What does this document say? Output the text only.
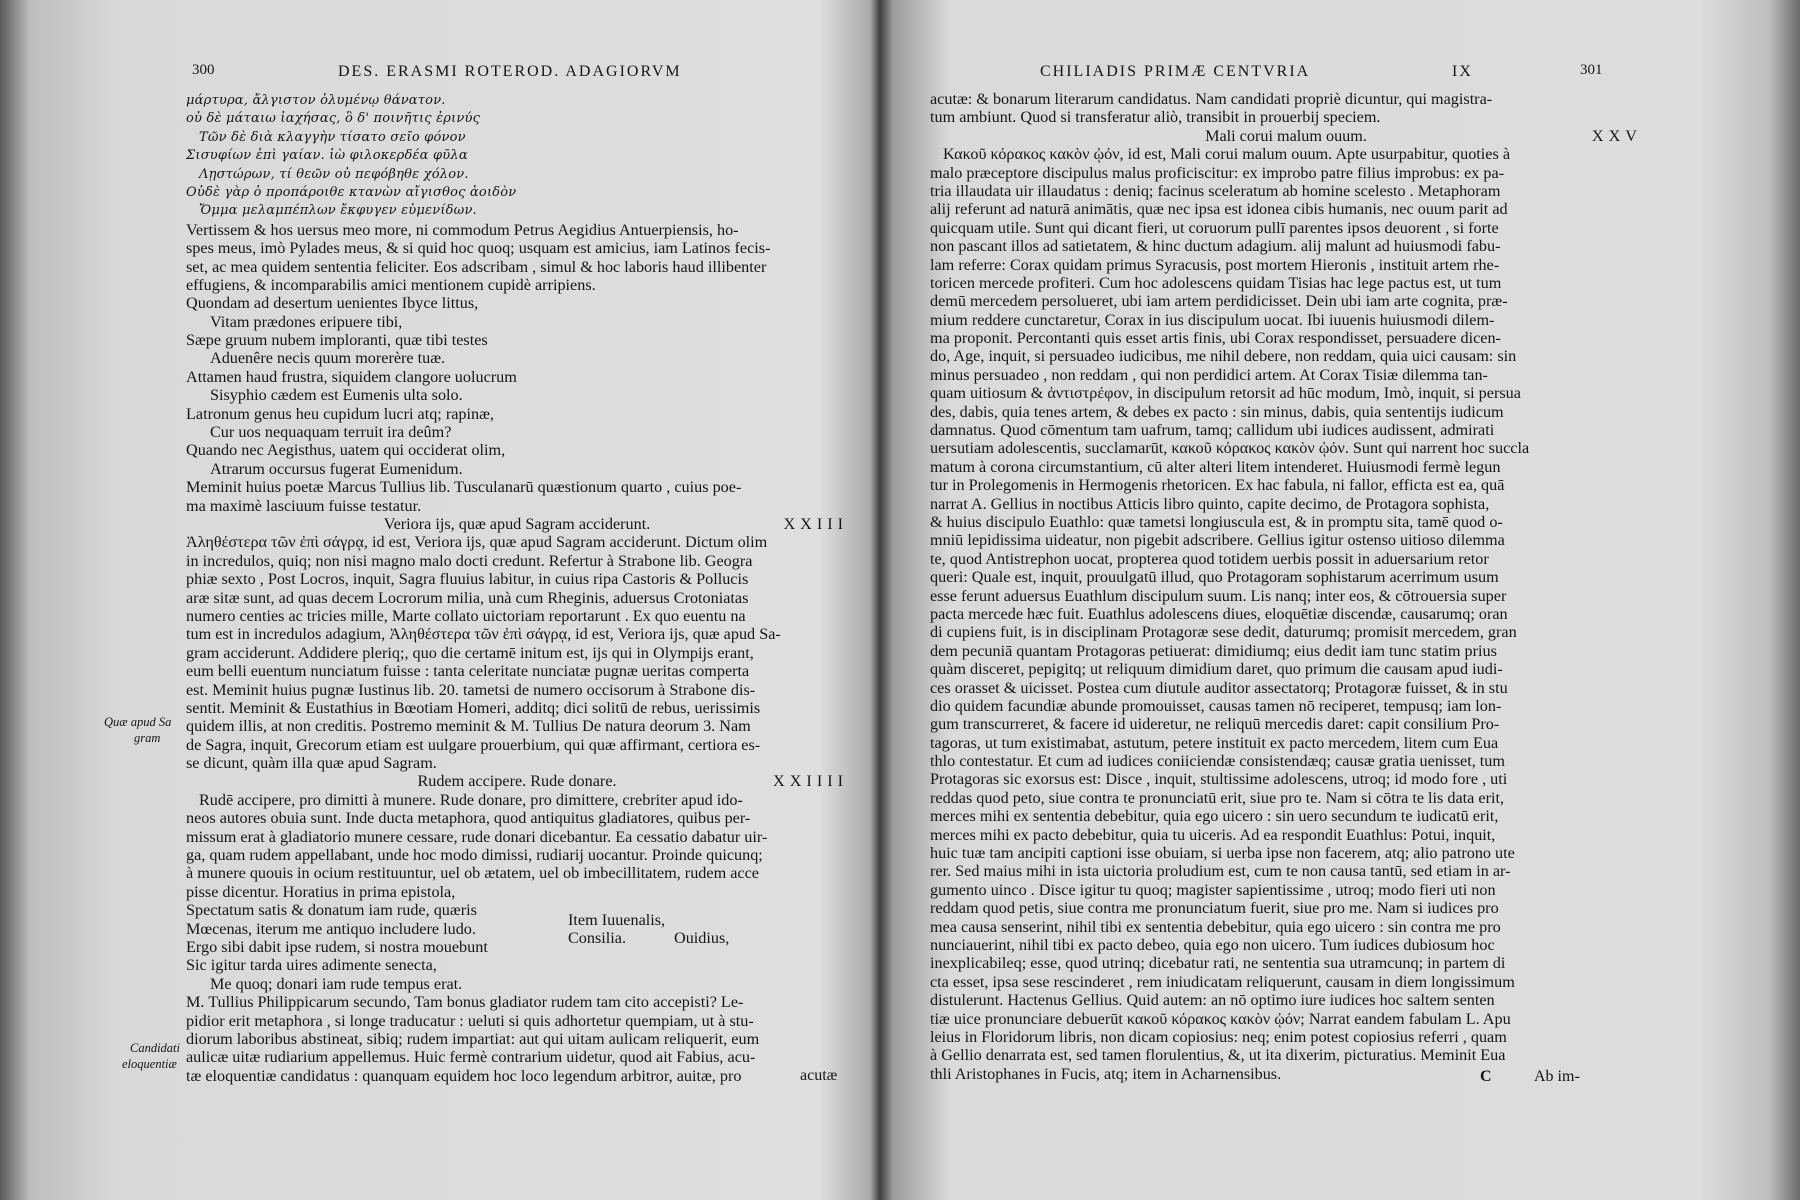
300	DES. ERASMI ROTEROD. ADAGIORVM
μάρτυρα, ἄλγιστον ὀλυμένῳ θάνατον.
οὐ δὲ μάταιω ἰαχήσας, ὃ δ' ποινῆτις ἐρινύς
Τῶν δὲ διὰ κλαγγὴν τίσατο σεῖο φόνον
Σισυφίων ἐπὶ γαίαν. ἰὼ φιλοκερδέα φῦλα
Λῃστώρων, τί θεῶν οὐ πεφόβηθε χόλον.
Οὐδὲ γὰρ ὁ προπάροιθε κτανὼν αἴγισθος ἀοιδὸν
Ὄμμα μελαμπέπλων ἔκφυγεν εὐμενίδων.
Vertissem & hos uersus meo more, ni commodum Petrus Aegidius Antuerpiensis, ho-
spes meus, imò Pylades meus, & si quid hoc quoq; usquam est amicius, iam Latinos fecis-
set, ac mea quidem sententia feliciter. Eos adscribam , simul & hoc laboris haud illibenter
effugiens, & incomparabilis amici mentionem cupidè arripiens.
Quondam ad desertum uenientes Ibyce littus,
Vitam prædones eripuere tibi,
Sæpe gruum nubem imploranti, quæ tibi testes
Aduenêre necis quum morerère tuæ.
Attamen haud frustra, siquidem clangore uolucrum
Sisyphio cædem est Eumenis ulta solo.
Latronum genus heu cupidum lucri atq; rapinæ,
Cur uos nequaquam terruit ira deûm?
Quando nec Aegisthus, uatem qui occiderat olim,
Atrarum occursus fugerat Eumenidum.
Meminit huius poetæ Marcus Tullius lib. Tusculanarū quæstionum quarto , cuius poe-
ma maximè lasciuum fuisse testatur.
Veriora ijs, quæ apud Sagram acciderunt.	XXIII
Ἀληθέστερα τῶν ἐπὶ σάγρᾳ, id est, Veriora ijs, quæ apud Sagram acciderunt. Dictum olim
in incredulos, quiq; non nisi magno malo docti credunt. Refertur à Strabone lib. Geogra
phiæ sexto , Post Locros, inquit, Sagra fluuius labitur, in cuius ripa Castoris & Pollucis
aræ sitæ sunt, ad quas decem Locrorum milia, unà cum Rheginis, aduersus Crotoniatas
numero centies ac tricies mille, Marte collato uictoriam reportarunt . Ex quo euentu na
tum est in incredulos adagium, Ἀληθέστερα τῶν ἐπὶ σάγρᾳ, id est, Veriora ijs, quæ apud Sa-
gram acciderunt. Addidere pleriq;, quo die certamē initum est, ijs qui in Olympijs erant,
eum belli euentum nunciatum fuisse : tanta celeritate nunciatæ pugnæ ueritas comperta
est. Meminit huius pugnæ Iustinus lib. 20. tametsi de numero occisorum à Strabone dis-
sentit. Meminit & Eustathius in Bœotiam Homeri, additq; dici solitū de rebus, uerissimis
quidem illis, at non creditis. Postremo meminit & M. Tullius De natura deorum 3. Nam
de Sagra, inquit, Grecorum etiam est uulgare prouerbium, qui quæ affirmant, certiora es-
se dicunt, quàm illa quæ apud Sagram.
Rudem accipere. Rude donare.	XXIIII
Rudē accipere, pro dimitti à munere. Rude donare, pro dimittere, crebriter apud ido-
neos autores obuia sunt. Inde ducta metaphora, quod antiquitus gladiatores, quibus per-
missum erat à gladiatorio munere cessare, rude donari dicebantur. Ea cessatio dabatur uir-
ga, quam rudem appellabant, unde hoc modo dimissi, rudiarij uocantur. Proinde quicunq;
à munere quouis in ocium restituuntur, uel ob ætatem, uel ob imbecillitatem, rudem acce
pisse dicentur. Horatius in prima epistola,
Spectatum satis & donatum iam rude, quæris
Mœcenas, iterum me antiquo includere ludo.	Item Iuuenalis,
Ergo sibi dabit ipse rudem, si nostra mouebunt	Consilia.	Ouidius,
Sic igitur tarda uires adimente senecta,
Me quoq; donari iam rude tempus erat.
M. Tullius Philippicarum secundo, Tam bonus gladiator rudem tam cito accepisti? Le-
pidior erit metaphora , si longe traducatur : ueluti si quis adhortetur quempiam, ut à stu-
diorum laboribus abstineat, sibiq; rudem impartiat: aut qui uitam aulicam reliquerit, eum
aulicæ uitæ rudiarium appellemus. Huic fermè contrarium uidetur, quod ait Fabius, acu-
tæ eloquentiæ candidatus : quanquam equidem hoc loco legendum arbitror, auitæ, pro
Quæ apud Sa
gram
Candidati
eloquentiæ
acutæ
CHILIADIS PRIMÆ CENTVRIA	IX	301
acutæ: & bonarum literarum candidatus. Nam candidati propriè dicuntur, qui magistra-
tum ambiunt. Quod si transferatur aliò, transibit in prouerbij speciem.
Mali corui malum ouum.	XXV
Κακοῦ κόρακος κακὸν ᾠόν, id est, Mali corui malum ouum. Apte usurpabitur, quoties à
malo præceptore discipulus malus proficiscitur: ex improbo patre filius improbus: ex pa-
tria illaudata uir illaudatus : deniq; facinus sceleratum ab homine scelesto . Metaphoram
alij referunt ad naturā animātis, quæ nec ipsa est idonea cibis humanis, nec ouum parit ad
quicquam utile. Sunt qui dicant fieri, ut coruorum pullī parentes ipsos deuorent , si forte
non pascant illos ad satietatem, & hinc ductum adagium. alij malunt ad huiusmodi fabu-
lam referre: Corax quidam primus Syracusis, post mortem Hieronis , instituit artem rhe-
toricen mercede profiteri. Cum hoc adolescens quidam Tisias hac lege pactus est, ut tum
demū mercedem persolueret, ubi iam artem perdidicisset. Dein ubi iam arte cognita, præ-
mium reddere cunctaretur, Corax in ius discipulum uocat. Ibi iuuenis huiusmodi dilem-
ma proponit. Percontanti quis esset artis finis, ubi Corax respondisset, persuadere dicen-
do, Age, inquit, si persuadeo iudicibus, me nihil debere, non reddam, quia uici causam: sin
minus persuadeo , non reddam , qui non perdidici artem. At Corax Tisiæ dilemma tan-
quam uitiosum & ἀντιστρέφον, in discipulum retorsit ad hūc modum, Imò, inquit, si persua
des, dabis, quia tenes artem, & debes ex pacto : sin minus, dabis, quia sententijs iudicum
damnatus. Quod cōmentum tam uafrum, tamq; callidum ubi iudices audissent, admirati
uersutiam adolescentis, succlamarūt, κακοῦ κόρακος κακὸν ᾠόν. Sunt qui narrent hoc succla
matum à corona circumstantium, cū alter alteri litem intenderet. Huiusmodi fermè legun
tur in Prolegomenis in Hermogenis rhetoricen. Ex hac fabula, ni fallor, efficta est ea, quā
narrat A. Gellius in noctibus Atticis libro quinto, capite decimo, de Protagora sophista,
& huius discipulo Euathlo: quæ tametsi longiuscula est, & in promptu sita, tamē quod o-
mniū lepidissima uideatur, non pigebit adscribere. Gellius igitur ostenso uitioso dilemma
te, quod Antistrephon uocat, propterea quod totidem uerbis possit in aduersarium retor
queri: Quale est, inquit, prouulgatū illud, quo Protagoram sophistarum acerrimum usum
esse ferunt aduersus Euathlum discipulum suum. Lis nanq; inter eos, & cōtrouersia super
pacta mercede hæc fuit. Euathlus adolescens diues, eloquētiæ discendæ, causarumq; oran
di cupiens fuit, is in disciplinam Protagoræ sese dedit, daturumq; promisit mercedem, gran
dem pecuniā quantam Protagoras petiuerat: dimidiumq; eius dedit iam tunc statim prius
quàm disceret, pepigitq; ut reliquum dimidium daret, quo primum die causam apud iudi-
ces orasset & uicisset. Postea cum diutule auditor assectatorq; Protagoræ fuisset, & in stu
dio quidem facundiæ abunde promouisset, causas tamen nō reciperet, tempusq; iam lon-
gum transcurreret, & facere id uideretur, ne reliquū mercedis daret: capit consilium Pro-
tagoras, ut tum existimabat, astutum, petere instituit ex pacto mercedem, litem cum Eua
thlo contestatur. Et cum ad iudices coniiciendæ consistendæq; causæ gratia uenisset, tum
Protagoras sic exorsus est: Disce , inquit, stultissime adolescens, utroq; id modo fore , uti
reddas quod peto, siue contra te pronunciatū erit, siue pro te. Nam si cōtra te lis data erit,
merces mihi ex sententia debebitur, quia ego uicero : sin uero secundum te iudicatū erit,
merces mihi ex pacto debebitur, quia tu uiceris. Ad ea respondit Euathlus: Potui, inquit,
huic tuæ tam ancipiti captioni isse obuiam, si uerba ipse non facerem, atq; alio patrono ute
rer. Sed maius mihi in ista uictoria proludium est, cum te non causa tantū, sed etiam in ar-
gumento uinco . Disce igitur tu quoq; magister sapientissime , utroq; modo fieri uti non
reddam quod petis, siue contra me pronunciatum fuerit, siue pro me. Nam si iudices pro
mea causa senserint, nihil tibi ex sententia debebitur, quia ego uicero : sin contra me pro
nunciauerint, nihil tibi ex pacto debeo, quia ego non uicero. Tum iudices dubiosum hoc
inexplicabileq; esse, quod utrinq; dicebatur rati, ne sententia sua utramcunq; in partem di
cta esset, ipsa sese rescinderet , rem iniudicatam reliquerunt, causam in diem longissimum
distulerunt. Hactenus Gellius. Quid autem: an nō optimo iure iudices hoc saltem senten
tiæ uice pronunciare debuerūt κακοῦ κόρακος κακὸν ᾠόν; Narrat eandem fabulam L. Apu
leius in Floridorum libris, non dicam copiosius: neq; enim potest copiosius referri , quam
à Gellio denarrata est, sed tamen florulentius, &, ut ita dixerim, picturatius. Meminit Eua
thli Aristophanes in Fucis, atq; item in Acharnensibus.	C	Ab im-
